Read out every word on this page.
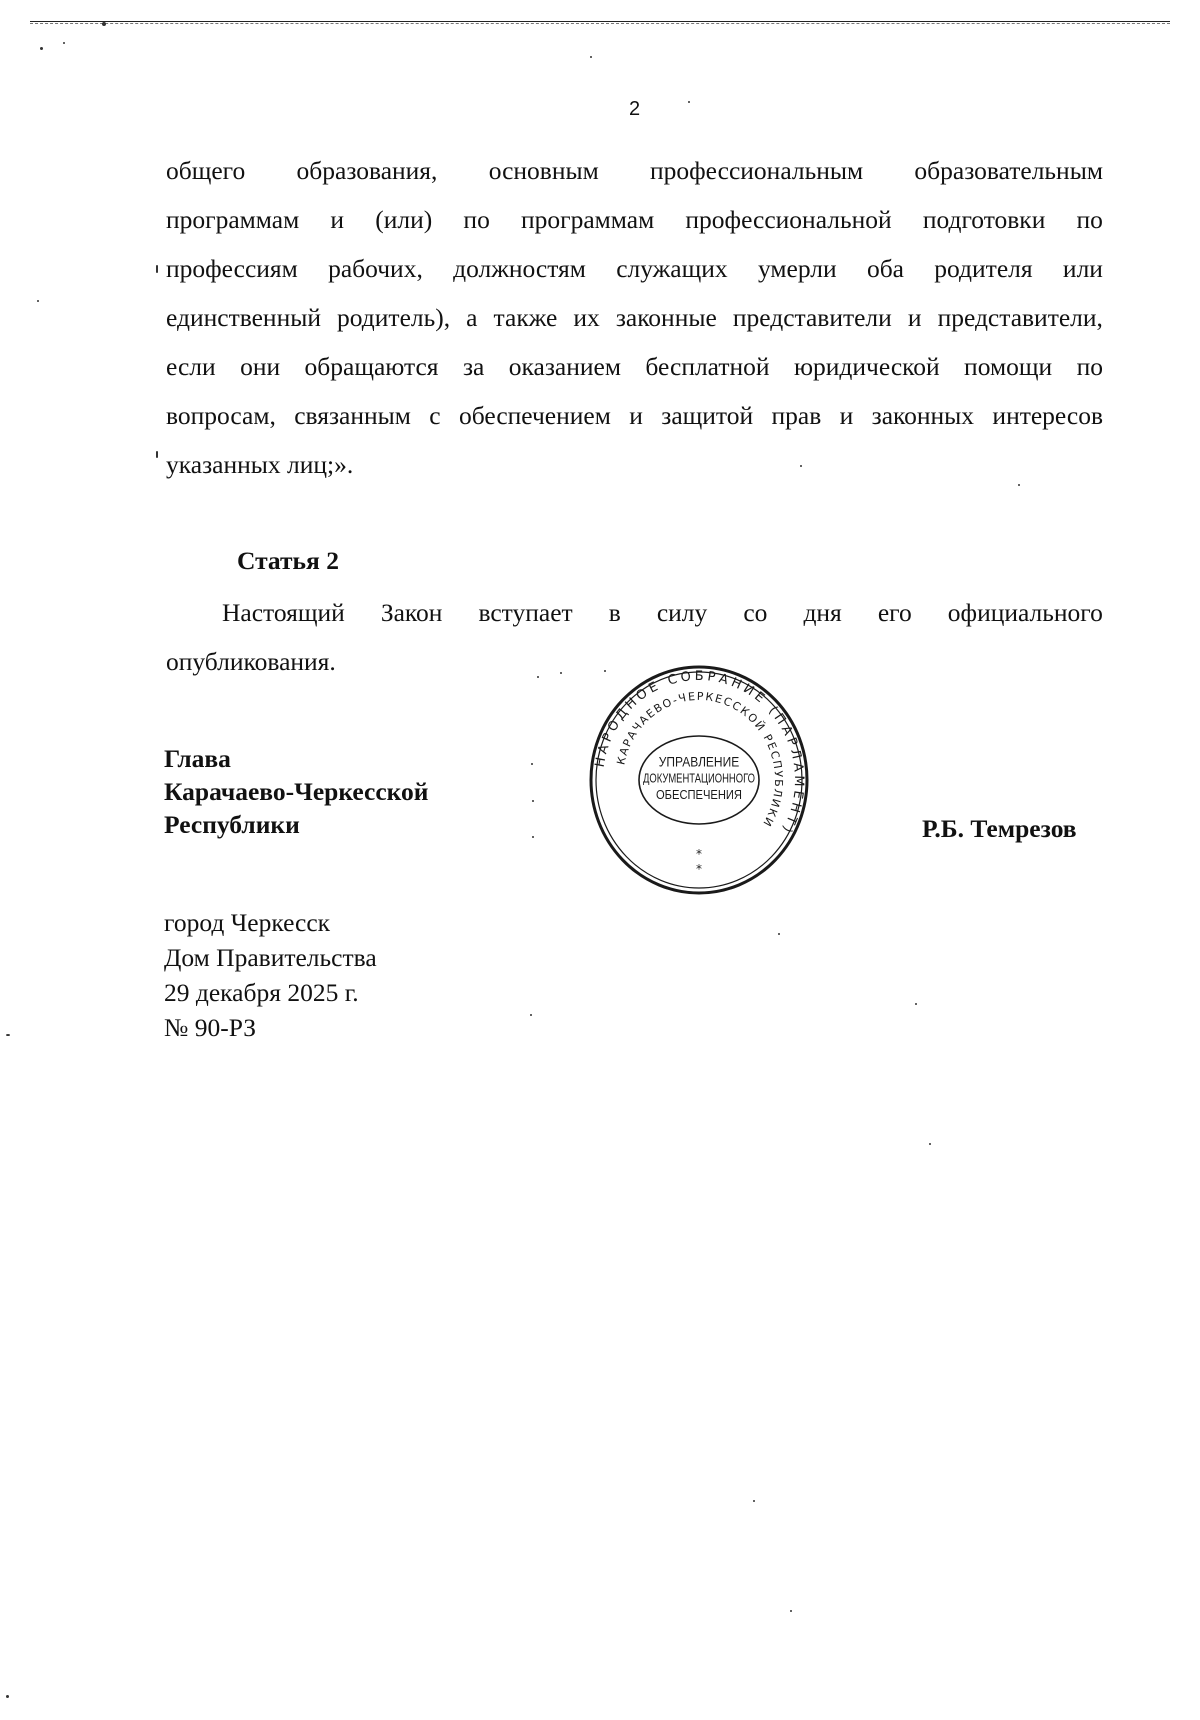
2
общего образования, основным профессиональным образовательным
программам и (или) по программам профессиональной подготовки по
профессиям рабочих, должностям служащих умерли оба родителя или
единственный родитель), а также их законные представители и представители,
если они обращаются за оказанием бесплатной юридической помощи по
вопросам, связанным с обеспечением и защитой прав и законных интересов
указанных лиц;».
Статья 2
Настоящий Закон вступает в силу со дня его официального
опубликования.
Глава
Карачаево-Черкесской
Республики	Р.Б. Темрезов
город Черкесск
Дом Правительства
29 декабря 2025 г.
№ 90-РЗ
НАРОДНОЕ СОБРАНИЕ (ПАРЛАМЕНТ)
КАРАЧАЕВО-ЧЕРКЕССКОЙ РЕСПУБЛИКИ
УПРАВЛЕНИЕ
ДОКУМЕНТАЦИОННОГО
ОБЕСПЕЧЕНИЯ
*
*
